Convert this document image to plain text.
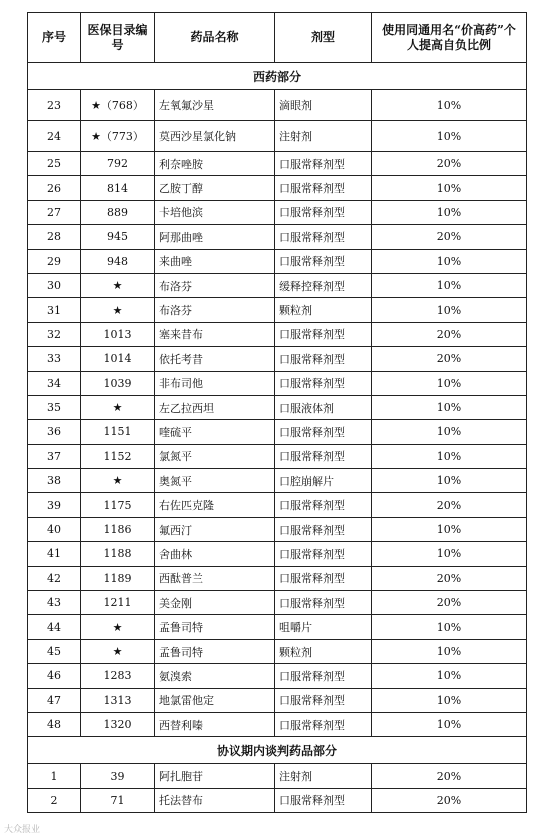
序号	医保目录编号	药品名称	剂型	使用同通用名“价高药”个人提高自负比例
西药部分				
23	★（768）	左氧氟沙星	滴眼剂	10%
24	★（773）	莫西沙星氯化钠	注射剂	10%
25	792	利奈唑胺	口服常释剂型	20%
26	814	乙胺丁醇	口服常释剂型	10%
27	889	卡培他滨	口服常释剂型	10%
28	945	阿那曲唑	口服常释剂型	20%
29	948	来曲唑	口服常释剂型	10%
30	★	布洛芬	缓释控释剂型	10%
31	★	布洛芬	颗粒剂	10%
32	1013	塞来昔布	口服常释剂型	20%
33	1014	依托考昔	口服常释剂型	20%
34	1039	非布司他	口服常释剂型	10%
35	★	左乙拉西坦	口服液体剂	10%
36	1151	喹硫平	口服常释剂型	10%
37	1152	氯氮平	口服常释剂型	10%
38	★	奥氮平	口腔崩解片	10%
39	1175	右佐匹克隆	口服常释剂型	20%
40	1186	氟西汀	口服常释剂型	10%
41	1188	舍曲林	口服常释剂型	10%
42	1189	西酞普兰	口服常释剂型	20%
43	1211	美金刚	口服常释剂型	20%
44	★	孟鲁司特	咀嚼片	10%
45	★	孟鲁司特	颗粒剂	10%
46	1283	氨溴索	口服常释剂型	10%
47	1313	地氯雷他定	口服常释剂型	10%
48	1320	西替利嗪	口服常释剂型	10%
协议期内谈判药品部分				
1	39	阿扎胞苷	注射剂	20%
2	71	托法替布	口服常释剂型	20%
大众报业
